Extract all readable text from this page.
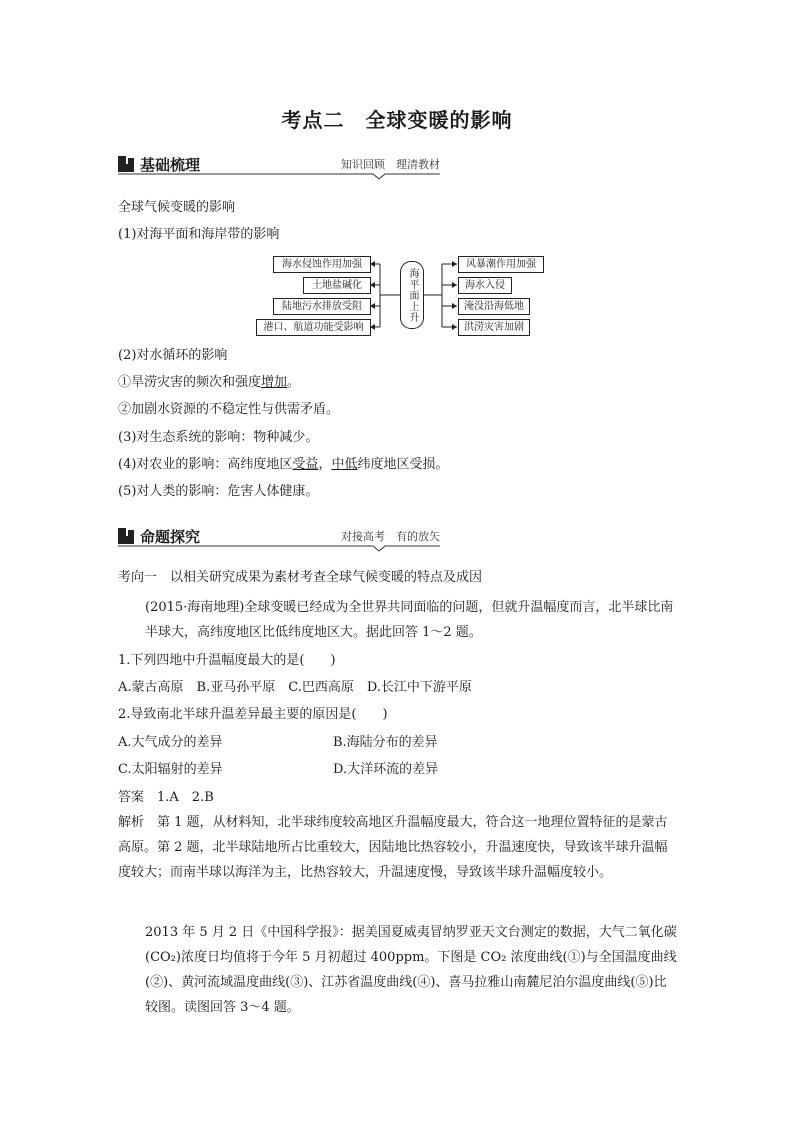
考点二　全球变暖的影响
基础梳理	知识回顾　理清教材
全球气候变暖的影响
(1)对海平面和海岸带的影响
海水侵蚀作用加强
土地盐碱化
陆地污水排放受阻
港口、航道功能受影响
海平面上升
风暴潮作用加强
海水入侵
淹没沿海低地
洪涝灾害加剧
(2)对水循环的影响
①旱涝灾害的频次和强度增加。
②加剧水资源的不稳定性与供需矛盾。
(3)对生态系统的影响：物种减少。
(4)对农业的影响：高纬度地区受益，中低纬度地区受损。
(5)对人类的影响：危害人体健康。
命题探究	对接高考　有的放矢
考向一　以相关研究成果为素材考查全球气候变暖的特点及成因
(2015·海南地理)全球变暖已经成为全世界共同面临的问题，但就升温幅度而言，北半球比南半球大，高纬度地区比低纬度地区大。据此回答 1～2 题。
1.下列四地中升温幅度最大的是(　　)
A.蒙古高原　B.亚马孙平原　C.巴西高原　D.长江中下游平原
2.导致南北半球升温差异最主要的原因是(　　)
A.大气成分的差异	B.海陆分布的差异
C.太阳辐射的差异	D.大洋环流的差异
答案　1.A　2.B
解析　第 1 题，从材料知，北半球纬度较高地区升温幅度最大，符合这一地理位置特征的是蒙古高原。第 2 题，北半球陆地所占比重较大，因陆地比热容较小，升温速度快，导致该半球升温幅度较大；而南半球以海洋为主，比热容较大，升温速度慢，导致该半球升温幅度较小。
2013 年 5 月 2 日《中国科学报》：据美国夏威夷冒纳罗亚天文台测定的数据，大气二氧化碳(CO₂)浓度日均值将于今年 5 月初超过 400ppm。下图是 CO₂ 浓度曲线(①)与全国温度曲线(②)、黄河流域温度曲线(③)、江苏省温度曲线(④)、喜马拉雅山南麓尼泊尔温度曲线(⑤)比较图。读图回答 3～4 题。
